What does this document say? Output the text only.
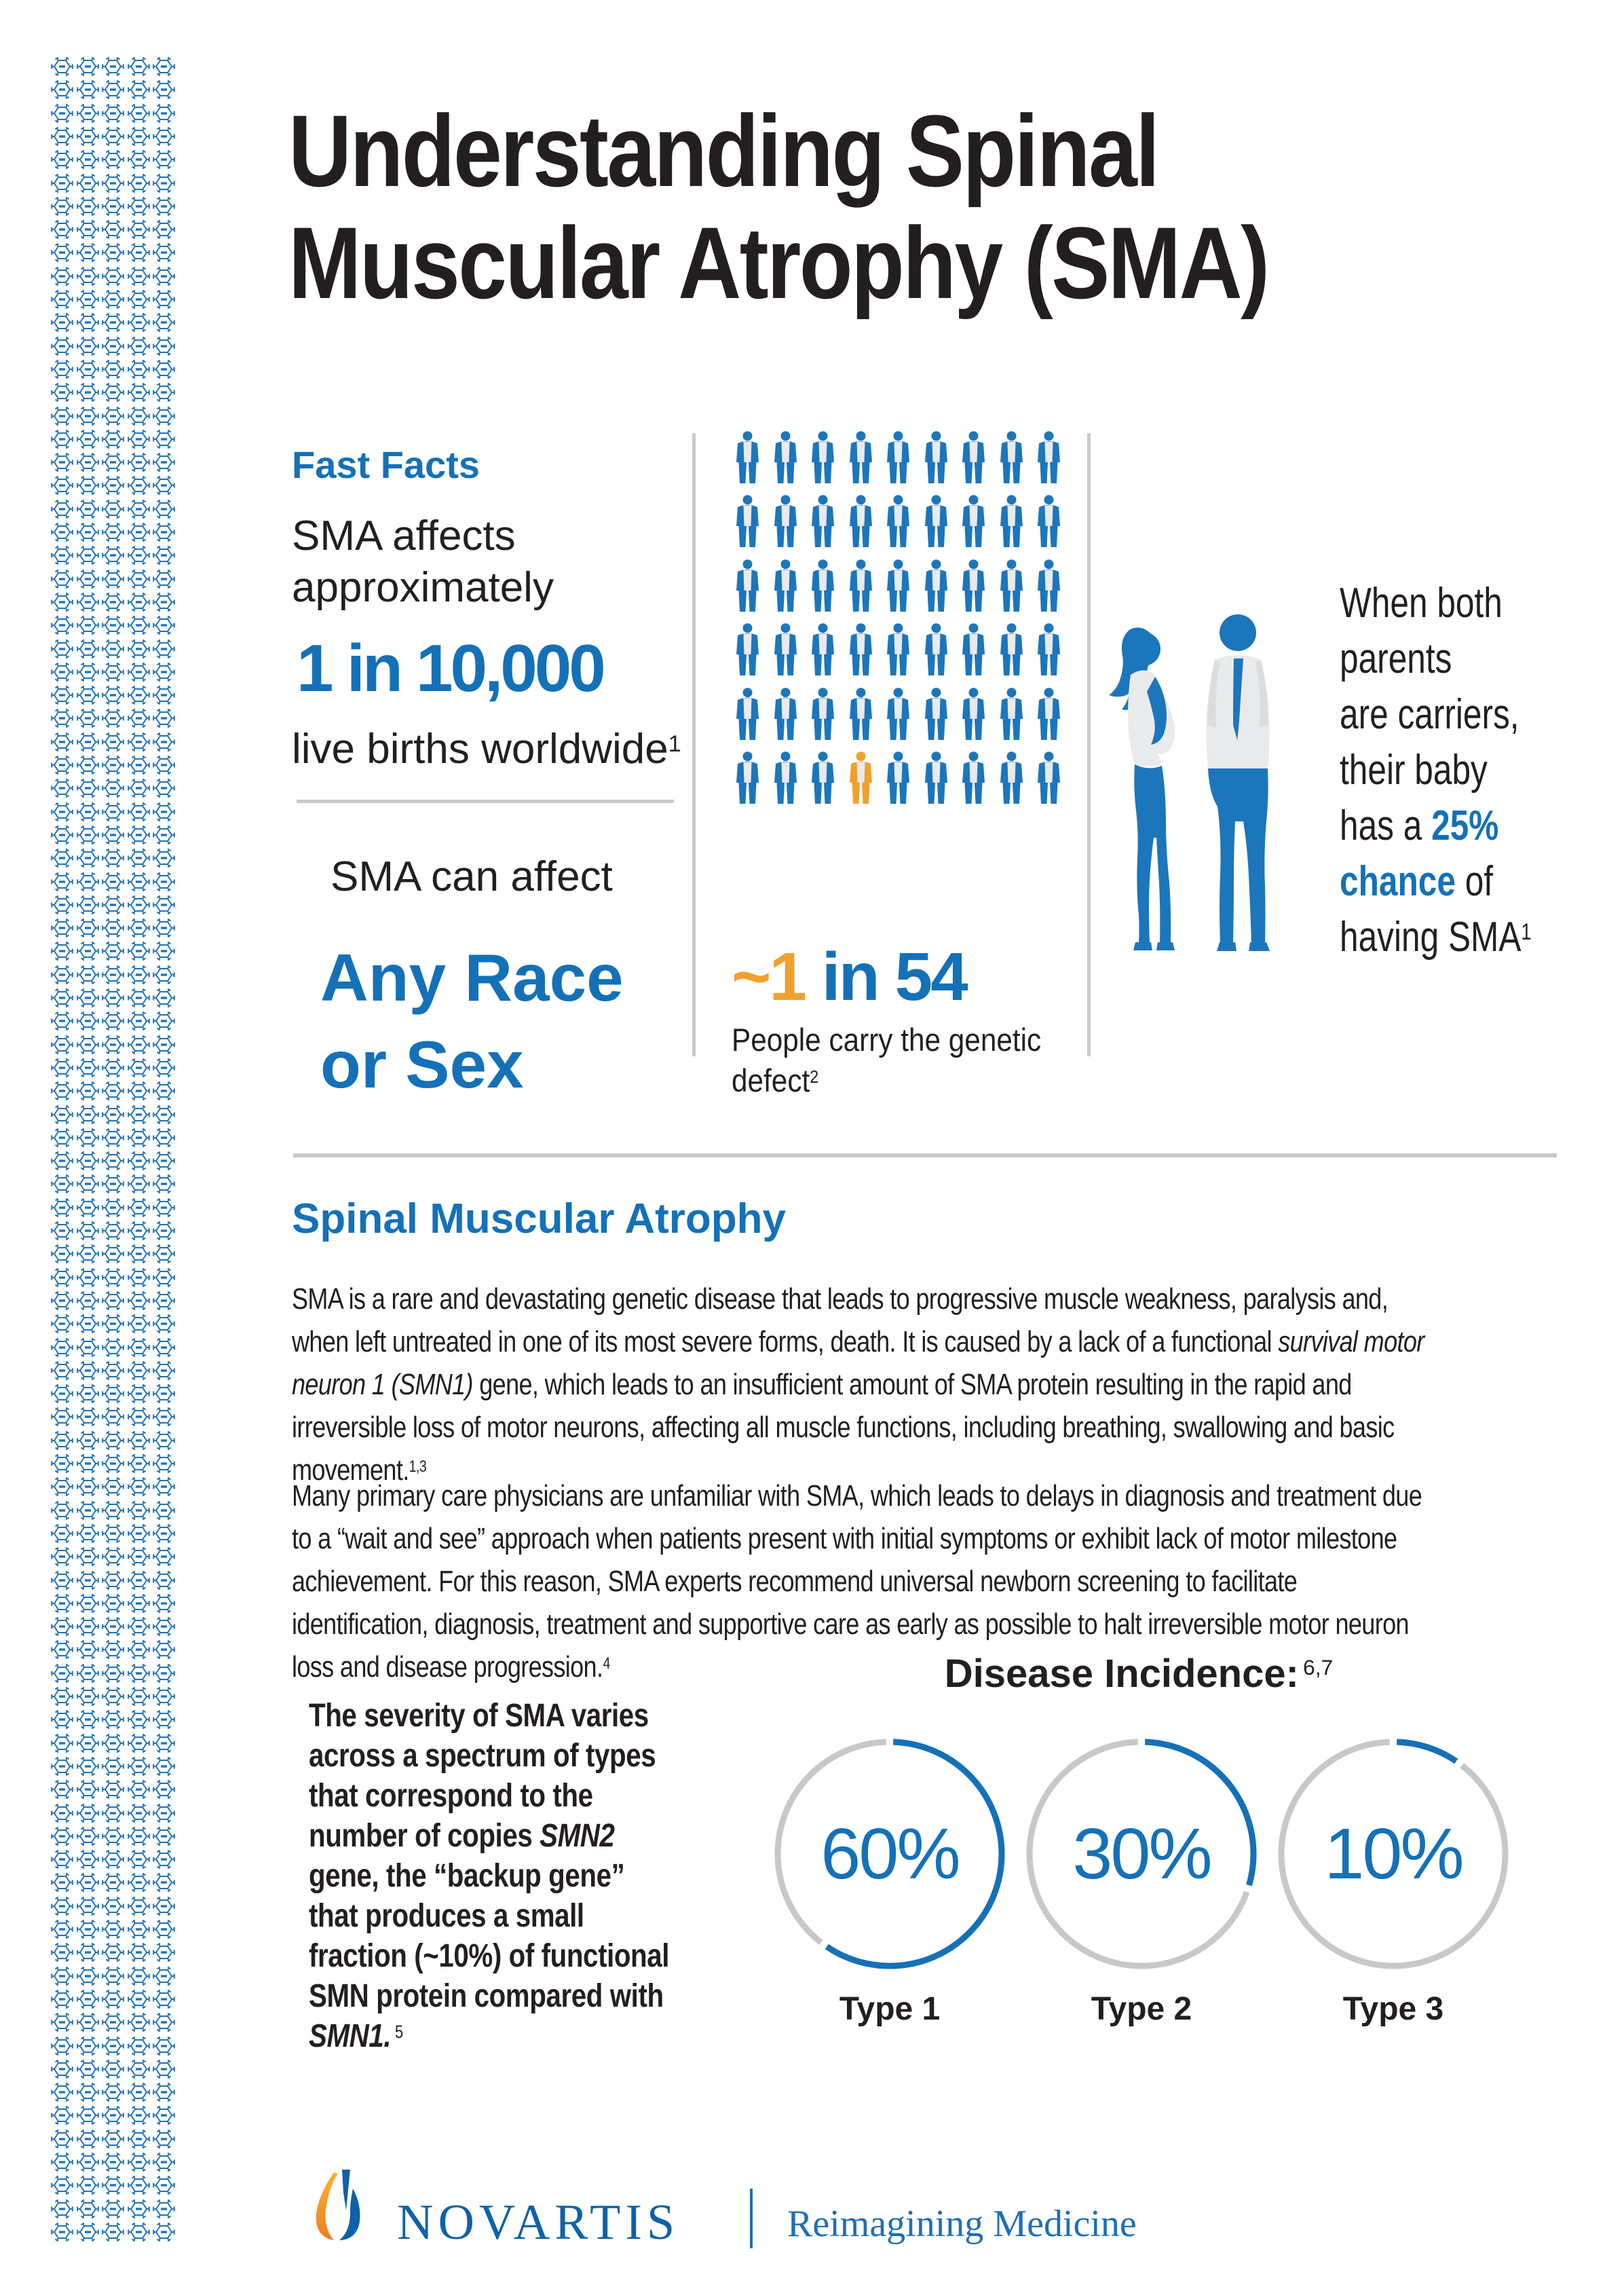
Understanding Spinal
Muscular Atrophy (SMA)
Fast Facts
SMA affects
approximately
1 in 10,000
live births worldwide$^1$
SMA can affect
Any Race
or Sex
~1 in 54
People carry the genetic
defect$^2$
When both
parents
are carriers,
their baby
has a 25%
chance of
having SMA$^1$
Spinal Muscular Atrophy
SMA is a rare and devastating genetic disease that leads to progressive muscle weakness, paralysis and,
when left untreated in one of its most severe forms, death. It is caused by a lack of a functional survival motor
neuron 1 (SMN1) gene, which leads to an insufficient amount of SMA protein resulting in the rapid and
irreversible loss of motor neurons, affecting all muscle functions, including breathing, swallowing and basic
movement.$^{1,3}$
Many primary care physicians are unfamiliar with SMA, which leads to delays in diagnosis and treatment due
to a “wait and see” approach when patients present with initial symptoms or exhibit lack of motor milestone
achievement. For this reason, SMA experts recommend universal newborn screening to facilitate
identification, diagnosis, treatment and supportive care as early as possible to halt irreversible motor neuron
loss and disease progression.$^4$
The severity of SMA varies
across a spectrum of types
that correspond to the
number of copies SMN2
gene, the “backup gene”
that produces a small
fraction (~10%) of functional
SMN protein compared with
SMN1. $^5$
Disease Incidence: $^{6,7}$
60%
Type 1
30%
Type 2
10%
Type 3
NOVARTIS	Reimagining Medicine
